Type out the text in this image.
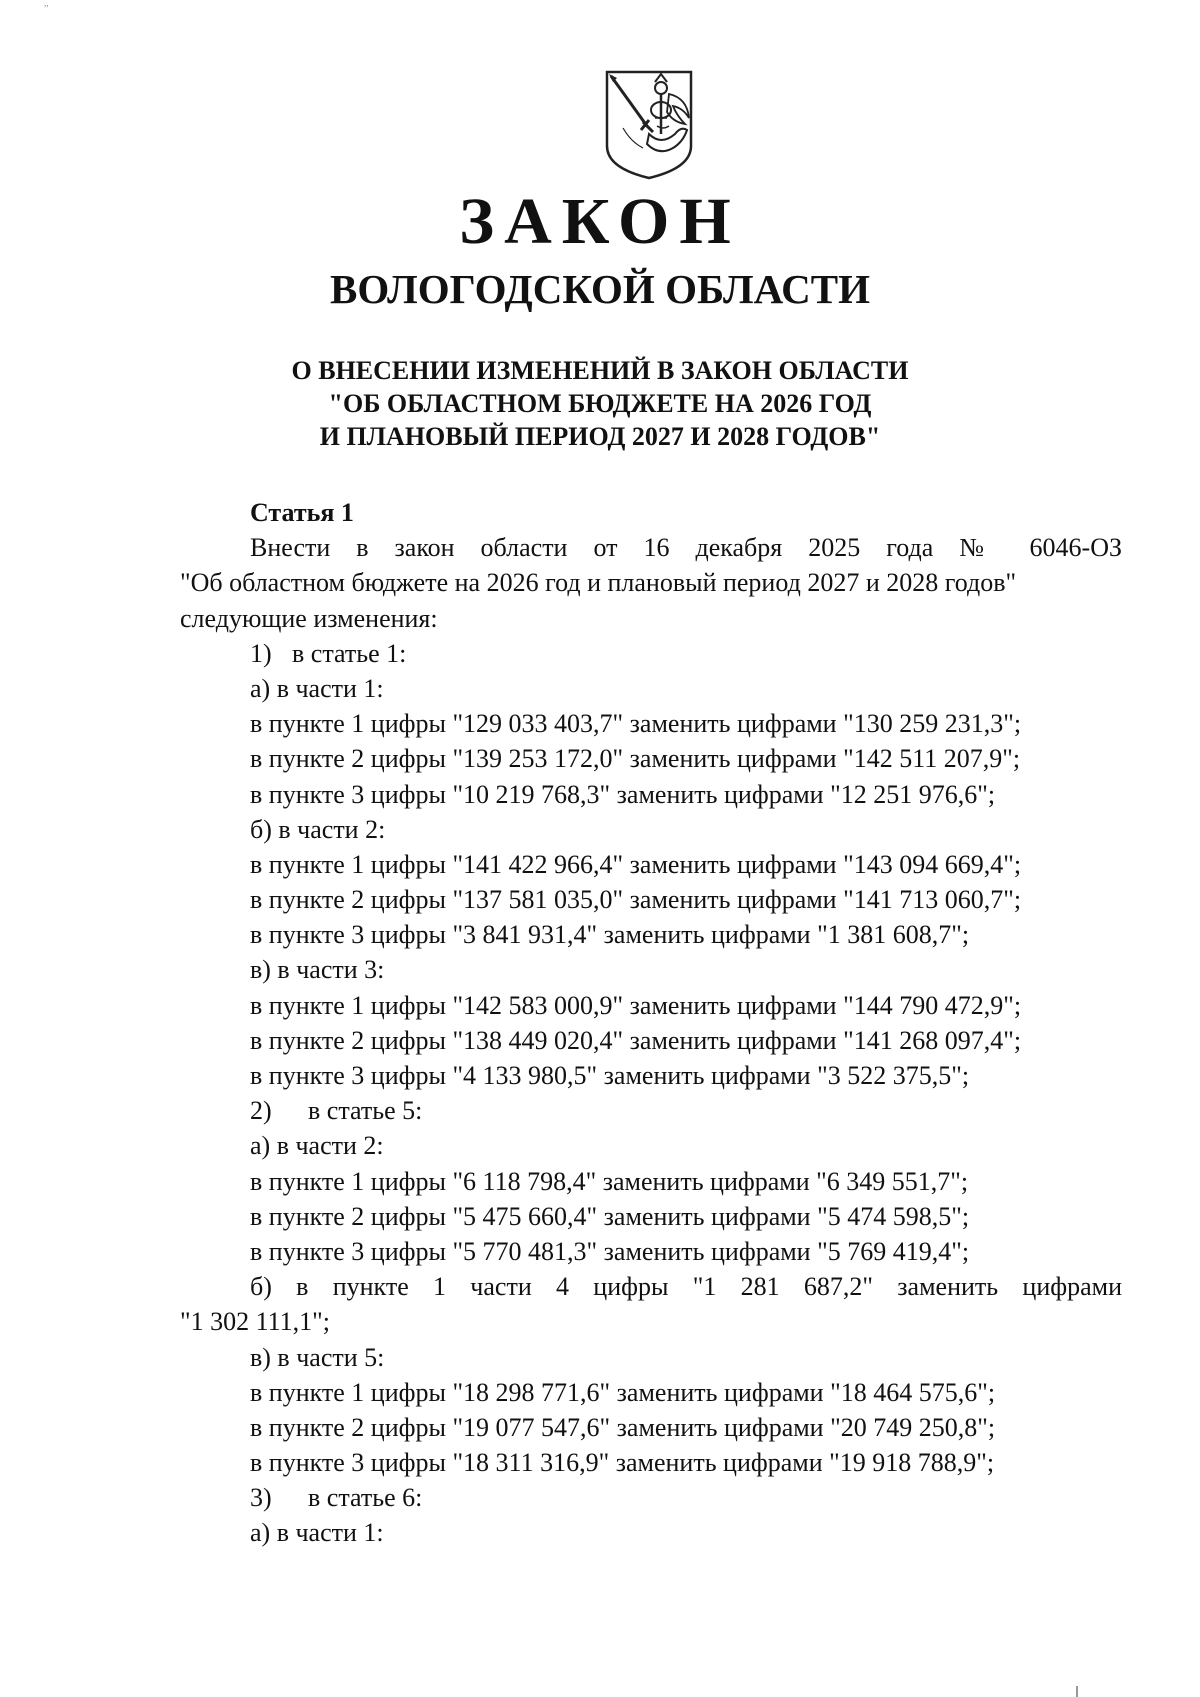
,,
ЗАКОН
ВОЛОГОДСКОЙ ОБЛАСТИ
О ВНЕСЕНИИ ИЗМЕНЕНИЙ В ЗАКОН ОБЛАСТИ
"ОБ ОБЛАСТНОМ БЮДЖЕТЕ НА 2026 ГОД
И ПЛАНОВЫЙ ПЕРИОД 2027 И 2028 ГОДОВ"
Статья 1
Внести в закон области от 16 декабря 2025 года № 6046-ОЗ
"Об областном бюджете на 2026 год и плановый период 2027 и 2028 годов"
следующие изменения:
1) в статье 1:
а) в части 1:
в пункте 1 цифры "129 033 403,7" заменить цифрами "130 259 231,3";
в пункте 2 цифры "139 253 172,0" заменить цифрами "142 511 207,9";
в пункте 3 цифры "10 219 768,3" заменить цифрами "12 251 976,6";
б) в части 2:
в пункте 1 цифры "141 422 966,4" заменить цифрами "143 094 669,4";
в пункте 2 цифры "137 581 035,0" заменить цифрами "141 713 060,7";
в пункте 3 цифры "3 841 931,4" заменить цифрами "1 381 608,7";
в) в части 3:
в пункте 1 цифры "142 583 000,9" заменить цифрами "144 790 472,9";
в пункте 2 цифры "138 449 020,4" заменить цифрами "141 268 097,4";
в пункте 3 цифры "4 133 980,5" заменить цифрами "3 522 375,5";
2) в статье 5:
а) в части 2:
в пункте 1 цифры "6 118 798,4" заменить цифрами "6 349 551,7";
в пункте 2 цифры "5 475 660,4" заменить цифрами "5 474 598,5";
в пункте 3 цифры "5 770 481,3" заменить цифрами "5 769 419,4";
б) в пункте 1 части 4 цифры "1 281 687,2" заменить цифрами
"1 302 111,1";
в) в части 5:
в пункте 1 цифры "18 298 771,6" заменить цифрами "18 464 575,6";
в пункте 2 цифры "19 077 547,6" заменить цифрами "20 749 250,8";
в пункте 3 цифры "18 311 316,9" заменить цифрами "19 918 788,9";
3) в статье 6:
а) в части 1:
